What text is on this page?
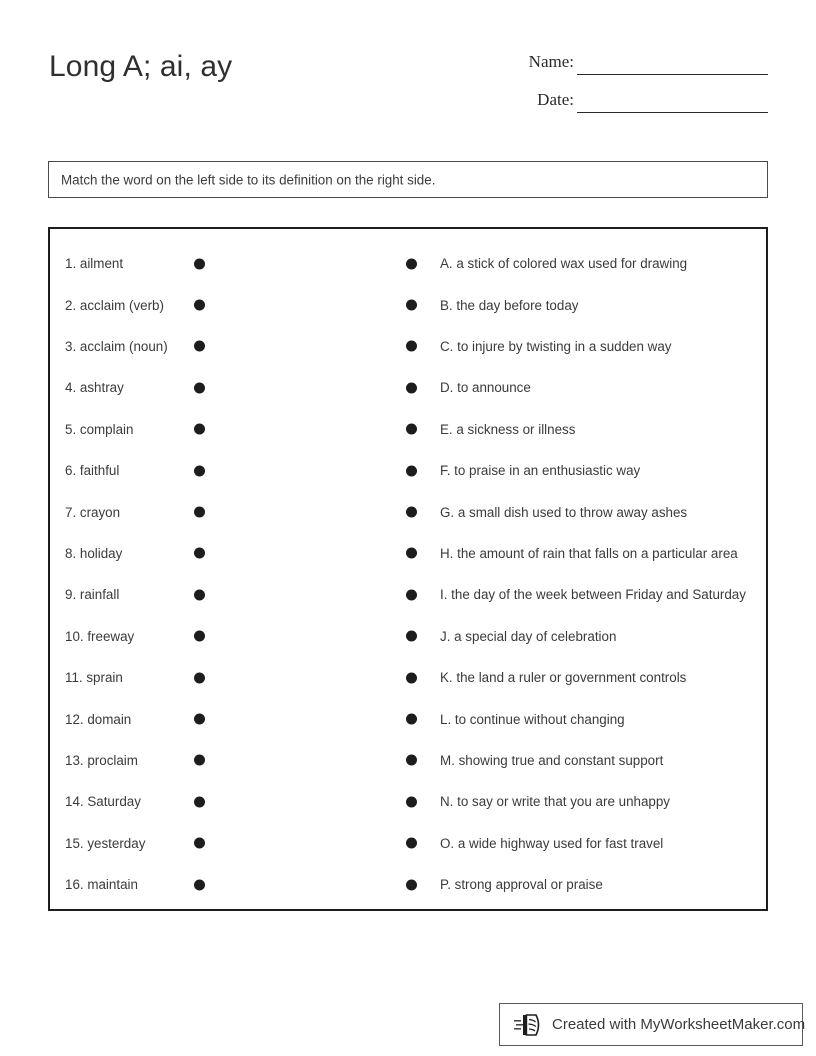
Long A; ai, ay	Name:
Date:
Match the word on the left side to its definition on the right side.
1. ailment	A. a stick of colored wax used for drawing
2. acclaim (verb)	B. the day before today
3. acclaim (noun)	C. to injure by twisting in a sudden way
4. ashtray	D. to announce
5. complain	E. a sickness or illness
6. faithful	F. to praise in an enthusiastic way
7. crayon	G. a small dish used to throw away ashes
8. holiday	H. the amount of rain that falls on a particular area
9. rainfall	I. the day of the week between Friday and Saturday
10. freeway	J. a special day of celebration
11. sprain	K. the land a ruler or government controls
12. domain	L. to continue without changing
13. proclaim	M. showing true and constant support
14. Saturday	N. to say or write that you are unhappy
15. yesterday	O. a wide highway used for fast travel
16. maintain	P. strong approval or praise
Created with MyWorksheetMaker.com
